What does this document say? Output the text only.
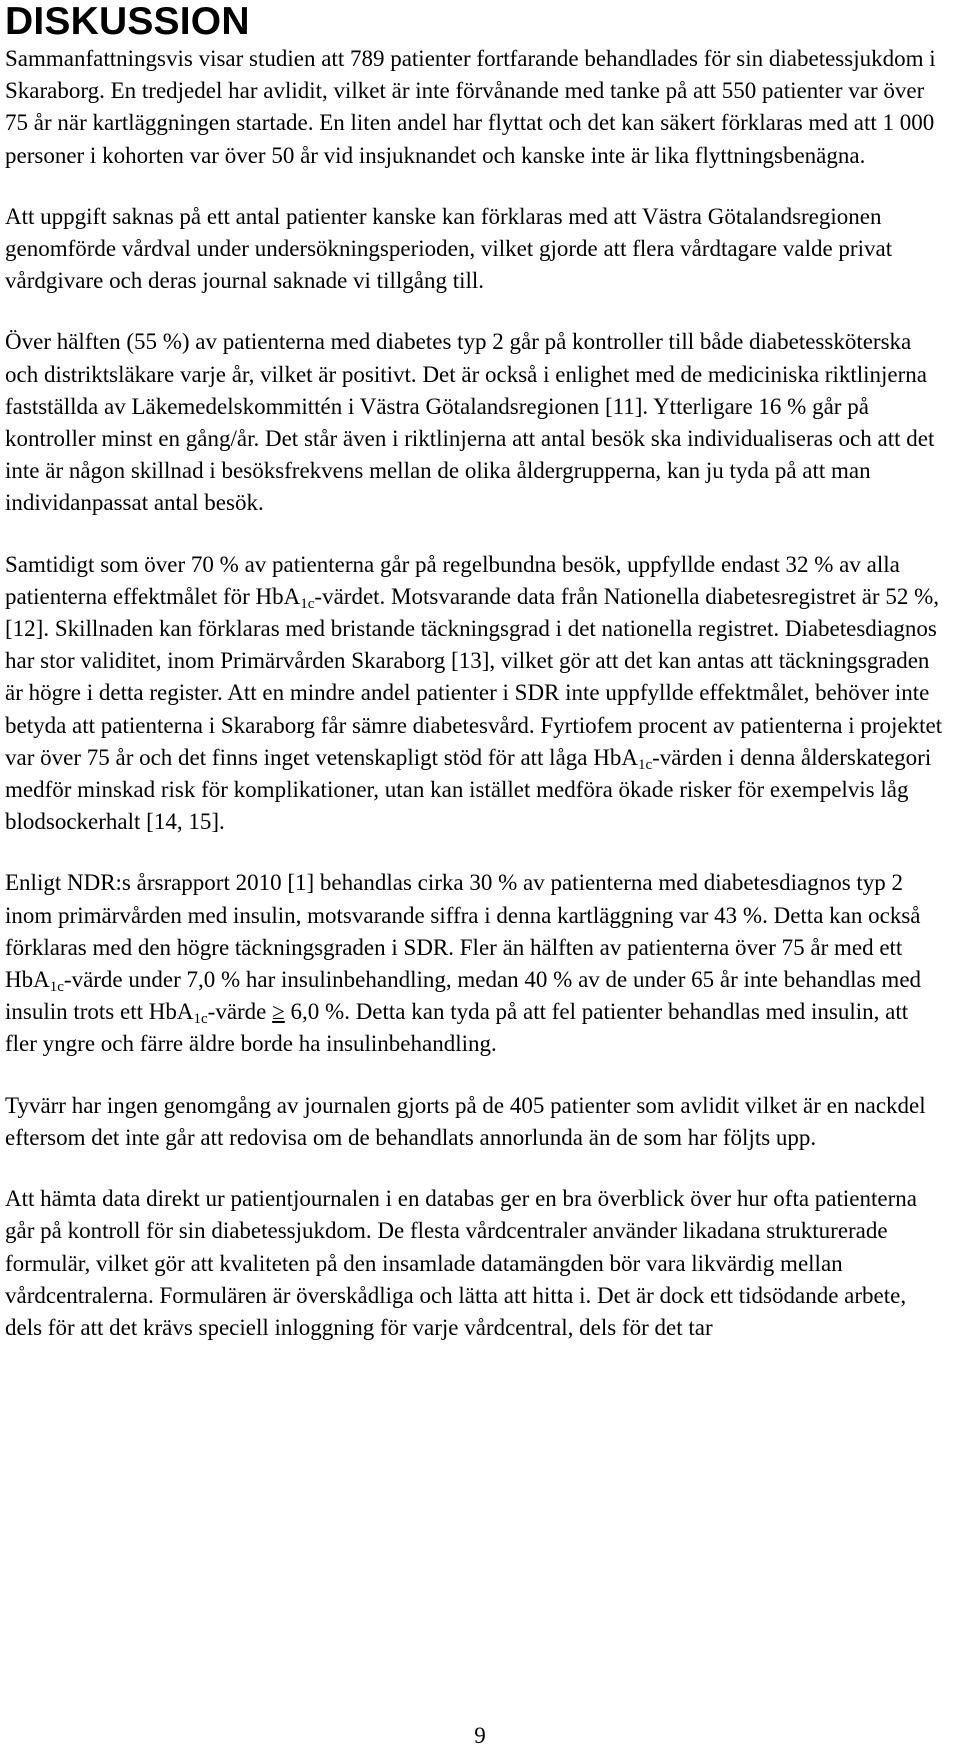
DISKUSSION

Sammanfattningsvis visar studien att 789 patienter fortfarande behandlades för sin diabetessjukdom i Skaraborg. En tredjedel har avlidit, vilket är inte förvånande med tanke på att 550 patienter var över 75 år när kartläggningen startade. En liten andel har flyttat och det kan säkert förklaras med att 1 000 personer i kohorten var över 50 år vid insjuknandet och kanske inte är lika flyttningsbenägna.

Att uppgift saknas på ett antal patienter kanske kan förklaras med att Västra Götalandsregionen genomförde vårdval under undersökningsperioden, vilket gjorde att flera vårdtagare valde privat vårdgivare och deras journal saknade vi tillgång till.

Över hälften (55 %) av patienterna med diabetes typ 2 går på kontroller till både diabetessköterska och distriktsläkare varje år, vilket är positivt. Det är också i enlighet med de mediciniska riktlinjerna fastställda av Läkemedelskommittén i Västra Götalandsregionen [11]. Ytterligare 16 % går på kontroller minst en gång/år. Det står även i riktlinjerna att antal besök ska individualiseras och att det inte är någon skillnad i besöksfrekvens mellan de olika åldergrupperna, kan ju tyda på att man individanpassat antal besök.

Samtidigt som över 70 % av patienterna går på regelbundna besök, uppfyllde endast 32 % av alla patienterna effektmålet för HbA$_{1c}$-värdet. Motsvarande data från Nationella diabetesregistret är 52 %, [12]. Skillnaden kan förklaras med bristande täckningsgrad i det nationella registret. Diabetesdiagnos har stor validitet, inom Primärvården Skaraborg [13], vilket gör att det kan antas att täckningsgraden är högre i detta register. Att en mindre andel patienter i SDR inte uppfyllde effektmålet, behöver inte betyda att patienterna i Skaraborg får sämre diabetesvård. Fyrtiofem procent av patienterna i projektet var över 75 år och det finns inget vetenskapligt stöd för att låga HbA$_{1c}$-värden i denna ålderskategori medför minskad risk för komplikationer, utan kan istället medföra ökade risker för exempelvis låg blodsockerhalt [14, 15].

Enligt NDR:s årsrapport 2010 [1] behandlas cirka 30 % av patienterna med diabetesdiagnos typ 2 inom primärvården med insulin, motsvarande siffra i denna kartläggning var 43 %. Detta kan också förklaras med den högre täckningsgraden i SDR. Fler än hälften av patienterna över 75 år med ett HbA$_{1c}$-värde under 7,0 % har insulinbehandling, medan 40 % av de under 65 år inte behandlas med insulin trots ett HbA$_{1c}$-värde ≥ 6,0 %. Detta kan tyda på att fel patienter behandlas med insulin, att fler yngre och färre äldre borde ha insulinbehandling.

Tyvärr har ingen genomgång av journalen gjorts på de 405 patienter som avlidit vilket är en nackdel eftersom det inte går att redovisa om de behandlats annorlunda än de som har följts upp.

Att hämta data direkt ur patientjournalen i en databas ger en bra överblick över hur ofta patienterna går på kontroll för sin diabetessjukdom. De flesta vårdcentraler använder likadana strukturerade formulär, vilket gör att kvaliteten på den insamlade datamängden bör vara likvärdig mellan vårdcentralerna. Formulären är överskådliga och lätta att hitta i. Det är dock ett tidsödande arbete, dels för att det krävs speciell inloggning för varje vårdcentral, dels för det tar

9
